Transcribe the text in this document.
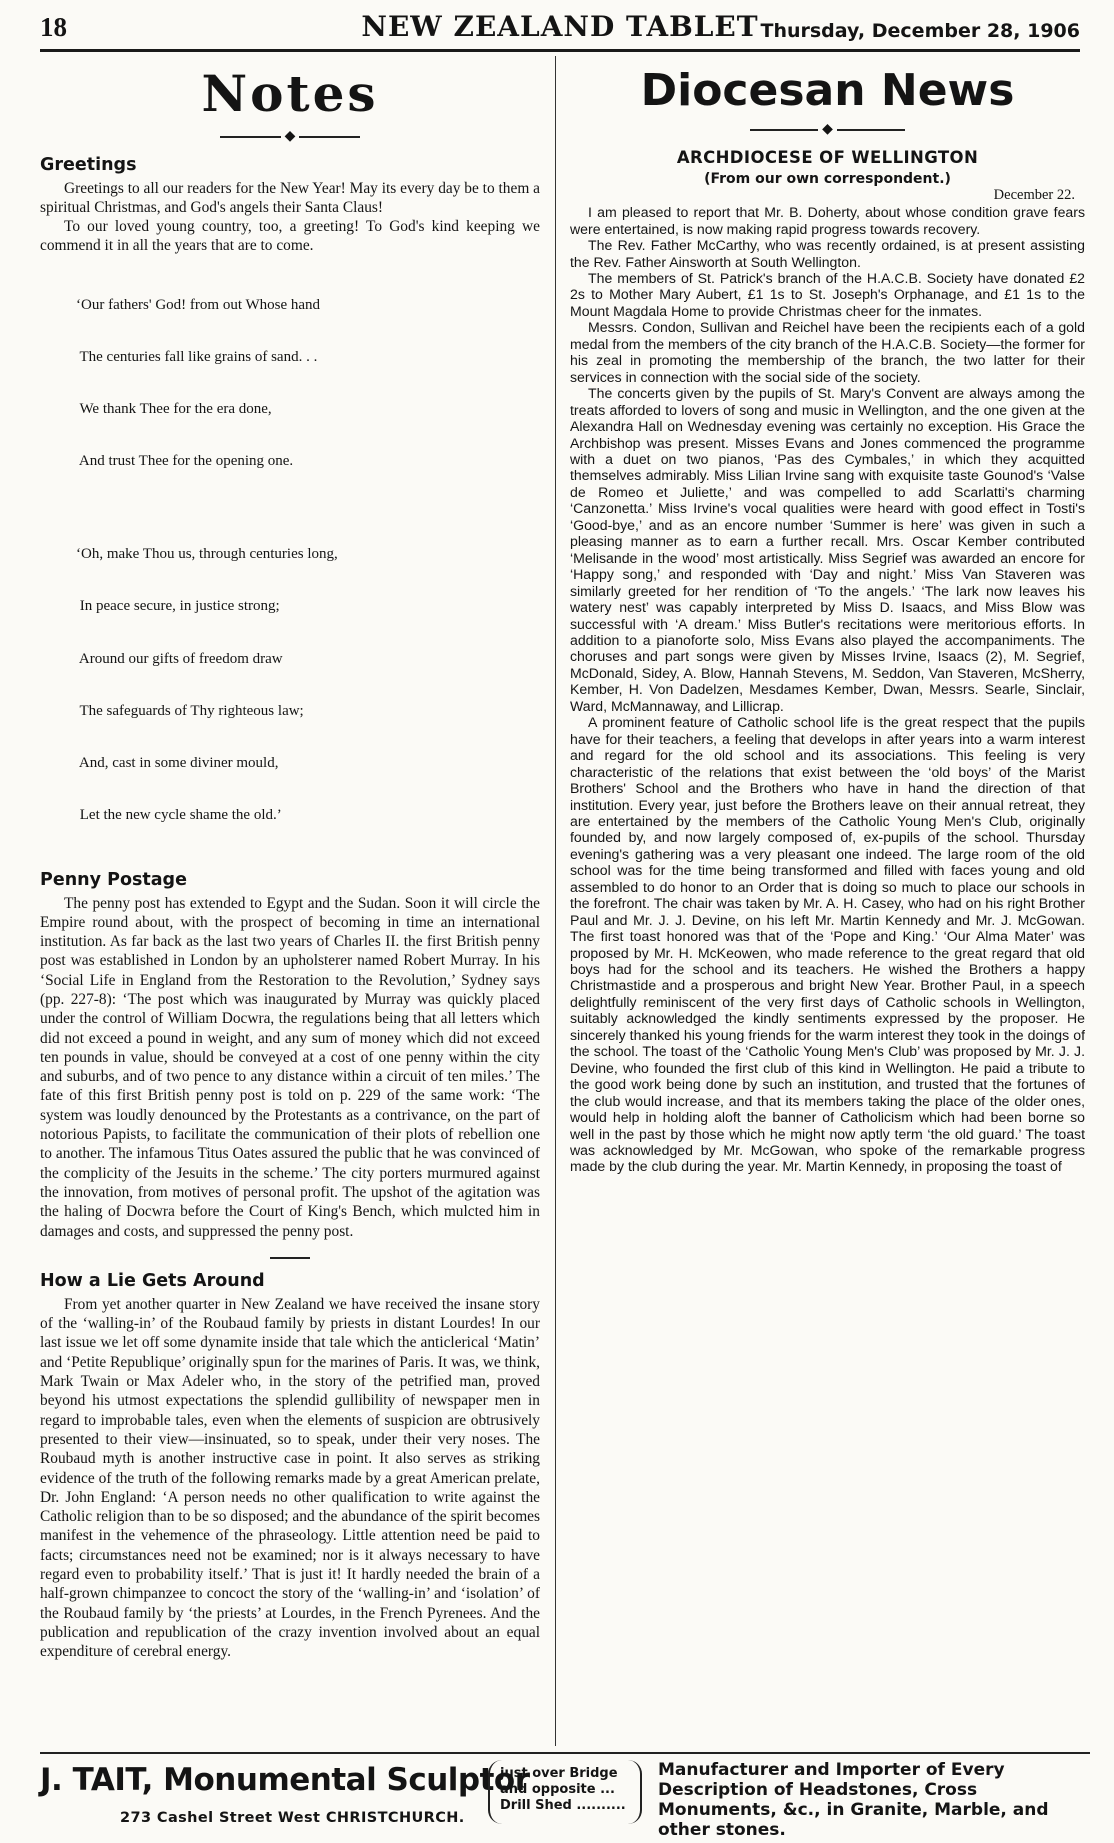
18	NEW ZEALAND TABLET Thursday, December 28, 1906
Notes
◆
Greetings

Greetings to all our readers for the New Year! May its every day be to them a spiritual Christmas, and God's angels their Santa Claus!

To our loved young country, too, a greeting! To God's kind keeping we commend it in all the years that are to come.

‘Our fathers' God! from out Whose hand

The centuries fall like grains of sand. . .

We thank Thee for the era done,

And trust Thee for the opening one.

‘Oh, make Thou us, through centuries long,

In peace secure, in justice strong;

Around our gifts of freedom draw

The safeguards of Thy righteous law;

And, cast in some diviner mould,

Let the new cycle shame the old.’

Penny Postage

The penny post has extended to Egypt and the Sudan. Soon it will circle the Empire round about, with the prospect of becoming in time an international institution. As far back as the last two years of Charles II. the first British penny post was established in London by an upholsterer named Robert Murray. In his ‘Social Life in England from the Restoration to the Revolution,’ Sydney says (pp. 227-8): ‘The post which was inaugurated by Murray was quickly placed under the control of William Docwra, the regulations being that all letters which did not exceed a pound in weight, and any sum of money which did not exceed ten pounds in value, should be conveyed at a cost of one penny within the city and suburbs, and of two pence to any distance within a circuit of ten miles.’ The fate of this first British penny post is told on p. 229 of the same work: ‘The system was loudly denounced by the Protestants as a contrivance, on the part of notorious Papists, to facilitate the communication of their plots of rebellion one to another. The infamous Titus Oates assured the public that he was convinced of the complicity of the Jesuits in the scheme.’ The city porters murmured against the innovation, from motives of personal profit. The upshot of the agitation was the haling of Docwra before the Court of King's Bench, which mulcted him in damages and costs, and suppressed the penny post.

How a Lie Gets Around

From yet another quarter in New Zealand we have received the insane story of the ‘walling-in’ of the Roubaud family by priests in distant Lourdes! In our last issue we let off some dynamite inside that tale which the anticlerical ‘Matin’ and ‘Petite Republique’ originally spun for the marines of Paris. It was, we think, Mark Twain or Max Adeler who, in the story of the petrified man, proved beyond his utmost expectations the splendid gullibility of newspaper men in regard to improbable tales, even when the elements of suspicion are obtrusively presented to their view—insinuated, so to speak, under their very noses. The Roubaud myth is another instructive case in point. It also serves as striking evidence of the truth of the following remarks made by a great American prelate, Dr. John England: ‘A person needs no other qualification to write against the Catholic religion than to be so disposed; and the abundance of the spirit becomes manifest in the vehemence of the phraseology. Little attention need be paid to facts; circumstances need not be examined; nor is it always necessary to have regard even to probability itself.’ That is just it! It hardly needed the brain of a half-grown chimpanzee to concoct the story of the ‘walling-in’ and ‘isolation’ of the Roubaud family by ‘the priests’ at Lourdes, in the French Pyrenees. And the publication and republication of the crazy invention involved about an equal expenditure of cerebral energy.

Diocesan News
◆
ARCHDIOCESE OF WELLINGTON
(From our own correspondent.)
December 22.

I am pleased to report that Mr. B. Doherty, about whose condition grave fears were entertained, is now making rapid progress towards recovery.

The Rev. Father McCarthy, who was recently ordained, is at present assisting the Rev. Father Ainsworth at South Wellington.

The members of St. Patrick's branch of the H.A.C.B. Society have donated £2 2s to Mother Mary Aubert, £1 1s to St. Joseph's Orphanage, and £1 1s to the Mount Magdala Home to provide Christmas cheer for the inmates.

Messrs. Condon, Sullivan and Reichel have been the recipients each of a gold medal from the members of the city branch of the H.A.C.B. Society—the former for his zeal in promoting the membership of the branch, the two latter for their services in connection with the social side of the society.

The concerts given by the pupils of St. Mary's Convent are always among the treats afforded to lovers of song and music in Wellington, and the one given at the Alexandra Hall on Wednesday evening was certainly no exception. His Grace the Archbishop was present. Misses Evans and Jones commenced the programme with a duet on two pianos, ‘Pas des Cymbales,’ in which they acquitted themselves admirably. Miss Lilian Irvine sang with exquisite taste Gounod's ‘Valse de Romeo et Juliette,’ and was compelled to add Scarlatti's charming ‘Canzonetta.’ Miss Irvine's vocal qualities were heard with good effect in Tosti's ‘Good-bye,’ and as an encore number ‘Summer is here’ was given in such a pleasing manner as to earn a further recall. Mrs. Oscar Kember contributed ‘Melisande in the wood’ most artistically. Miss Segrief was awarded an encore for ‘Happy song,’ and responded with ‘Day and night.’ Miss Van Staveren was similarly greeted for her rendition of ‘To the angels.’ ‘The lark now leaves his watery nest’ was capably interpreted by Miss D. Isaacs, and Miss Blow was successful with ‘A dream.’ Miss Butler's recitations were meritorious efforts. In addition to a pianoforte solo, Miss Evans also played the accompaniments. The choruses and part songs were given by Misses Irvine, Isaacs (2), M. Segrief, McDonald, Sidey, A. Blow, Hannah Stevens, M. Seddon, Van Staveren, McSherry, Kember, H. Von Dadelzen, Mesdames Kember, Dwan, Messrs. Searle, Sinclair, Ward, McMannaway, and Lillicrap.

A prominent feature of Catholic school life is the great respect that the pupils have for their teachers, a feeling that develops in after years into a warm interest and regard for the old school and its associations. This feeling is very characteristic of the relations that exist between the ‘old boys’ of the Marist Brothers' School and the Brothers who have in hand the direction of that institution. Every year, just before the Brothers leave on their annual retreat, they are entertained by the members of the Catholic Young Men's Club, originally founded by, and now largely composed of, ex-pupils of the school. Thursday evening's gathering was a very pleasant one indeed. The large room of the old school was for the time being transformed and filled with faces young and old assembled to do honor to an Order that is doing so much to place our schools in the forefront. The chair was taken by Mr. A. H. Casey, who had on his right Brother Paul and Mr. J. J. Devine, on his left Mr. Martin Kennedy and Mr. J. McGowan. The first toast honored was that of the ‘Pope and King.’ ‘Our Alma Mater’ was proposed by Mr. H. McKeowen, who made reference to the great regard that old boys had for the school and its teachers. He wished the Brothers a happy Christmastide and a prosperous and bright New Year. Brother Paul, in a speech delightfully reminiscent of the very first days of Catholic schools in Wellington, suitably acknowledged the kindly sentiments expressed by the proposer. He sincerely thanked his young friends for the warm interest they took in the doings of the school. The toast of the ‘Catholic Young Men's Club’ was proposed by Mr. J. J. Devine, who founded the first club of this kind in Wellington. He paid a tribute to the good work being done by such an institution, and trusted that the fortunes of the club would increase, and that its members taking the place of the older ones, would help in holding aloft the banner of Catholicism which had been borne so well in the past by those which he might now aptly term ‘the old guard.’ The toast was acknowledged by Mr. McGowan, who spoke of the remarkable progress made by the club during the year. Mr. Martin Kennedy, in proposing the toast of

J. TAIT, Monumental Sculptor
273 Cashel Street West CHRISTCHURCH.
just over Bridge and opposite ... Drill Shed ..........
Manufacturer and Importer of Every Description of Headstones, Cross Monuments, &c., in Granite, Marble, and other stones.
